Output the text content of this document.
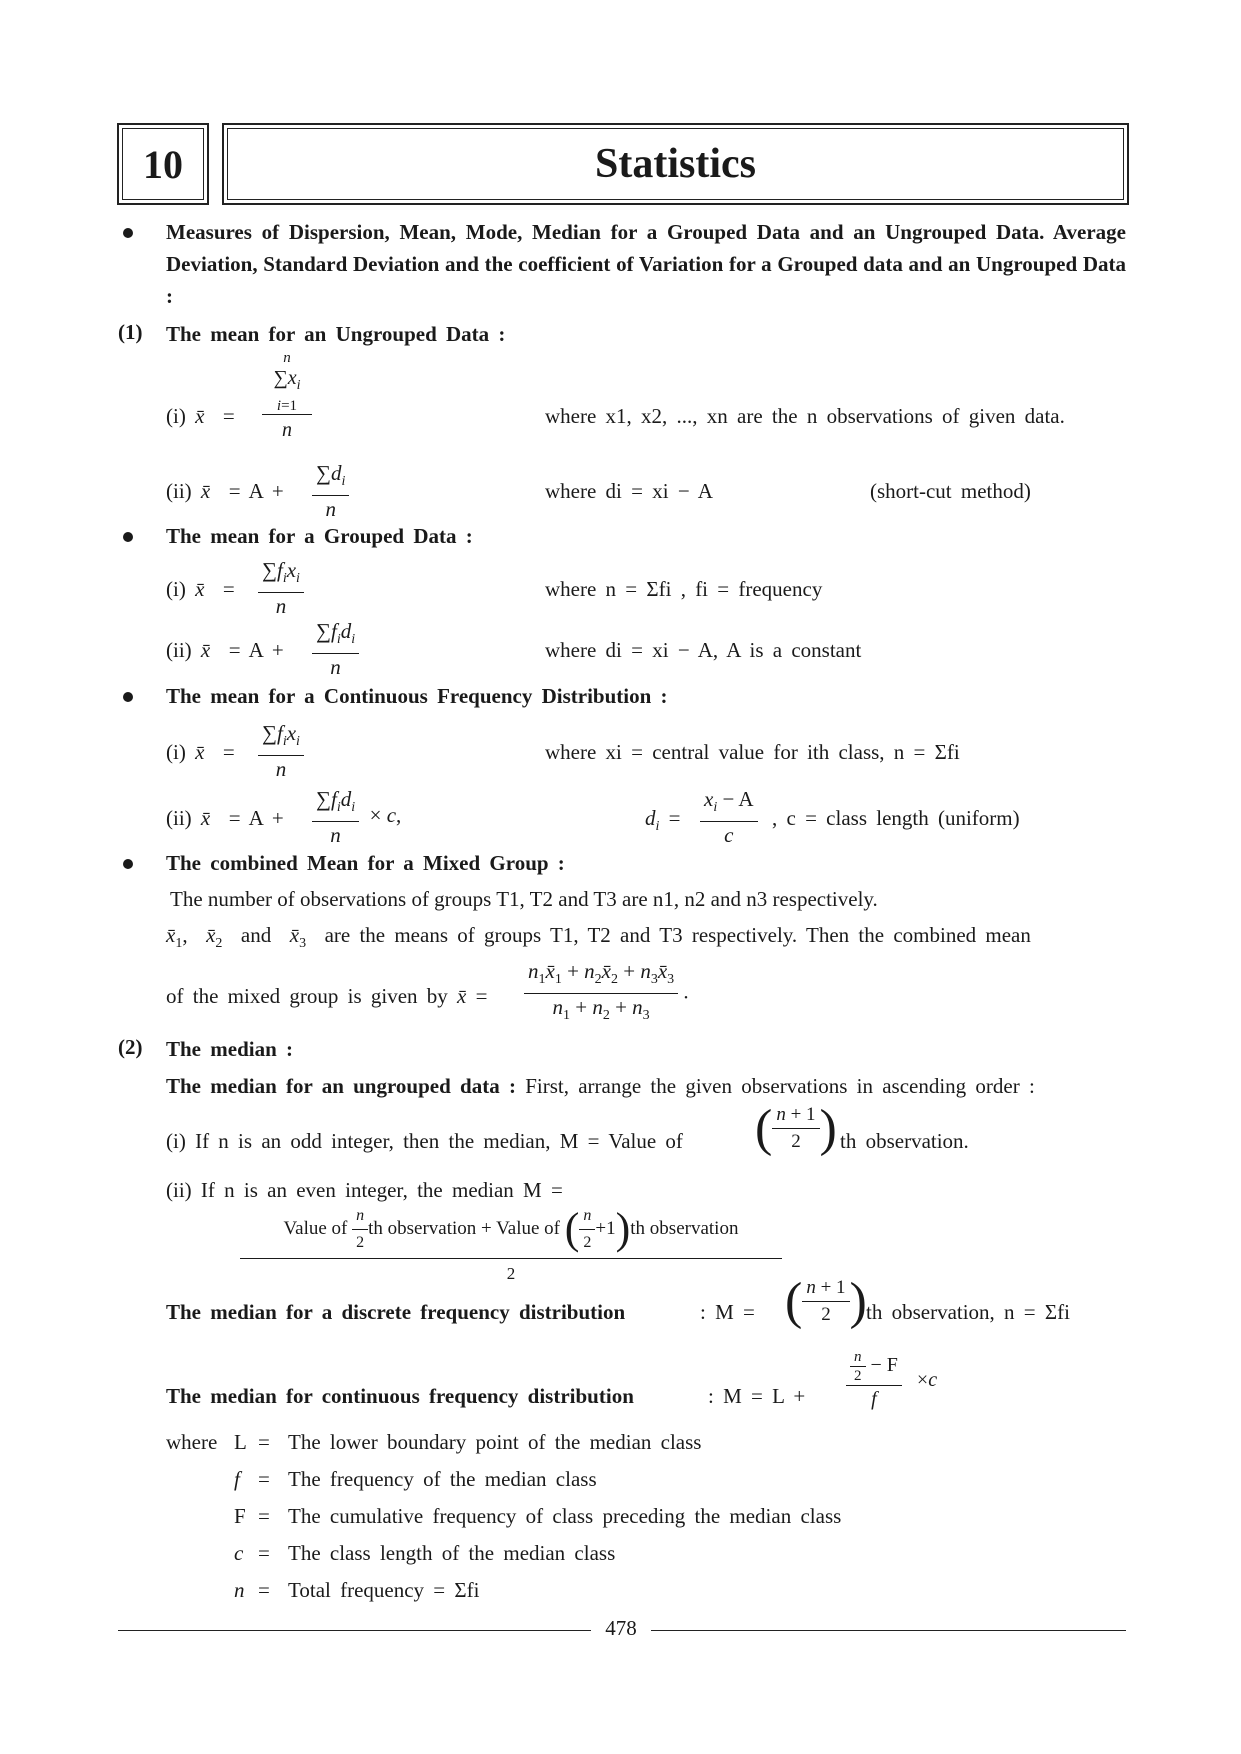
10	Statistics
Measures of Dispersion, Mean, Mode, Median for a Grouped Data and an Ungrouped Data. Average Deviation, Standard Deviation and the coefficient of Variation for a Grouped data and an Ungrouped Data :
(1) The mean for an Ungrouped Data :
(i) x̄  =
n
$\sum x_i$
i=1
n
where x1, x2, ..., xn are the n observations of given data.
(ii) x̄  = $A + \frac{\sum d_i}{n}$	where di = xi − A	(short-cut method)
The mean for a Grouped Data :
(i) x̄  = $\frac{\sum f_ix_i}{n}$	where n = Σfi , fi = frequency
(ii) x̄  = $A + \frac{\sum f_id_i}{n}$	where di = xi − A, A is a constant
The mean for a Continuous Frequency Distribution :
(i) x̄  = $\frac{\sum f_ix_i}{n}$	where xi = central value for ith class, n = Σfi
(ii) x̄  = $A + \frac{\sum f_id_i}{n} \times c$,	$d_i = \frac{x_i - A}{c}$ , c = class length (uniform)
The combined Mean for a Mixed Group :
The number of observations of groups T1, T2 and T3 are n1, n2 and n3 respectively.
$x̄_1$,  $x̄_2$  and  $x̄_3$ are the means of groups T1, T2 and T3 respectively. Then the combined mean
of the mixed group is given by x̄ = $\frac{n_1x̄_1 + n_2x̄_2 + n_3x̄_3}{n_1 + n_2 + n_3}$ .
(2) The median :
The median for an ungrouped data : First, arrange the given observations in ascending order :
(i) If n is an odd integer, then the median, M = Value of ( $\frac{n + 1}{2}$ ) th observation.
(ii) If n is an even integer, the median M =
Value of
$\frac{n}{2}$ th observation + Value of
( $\frac{n}{2} +1$ ) th observation
2
The median for a discrete frequency distribution	: M = ( $\frac{n + 1}{2}$ ) th observation, n = Σfi
The median for continuous frequency distribution	: M = L +	$\frac{\frac{n}{2} - F}{f} \times c$
where L = The lower boundary point of the median class
f = The frequency of the median class
F = The cumulative frequency of class preceding the median class
c = The class length of the median class
n = Total frequency = Σfi
478
